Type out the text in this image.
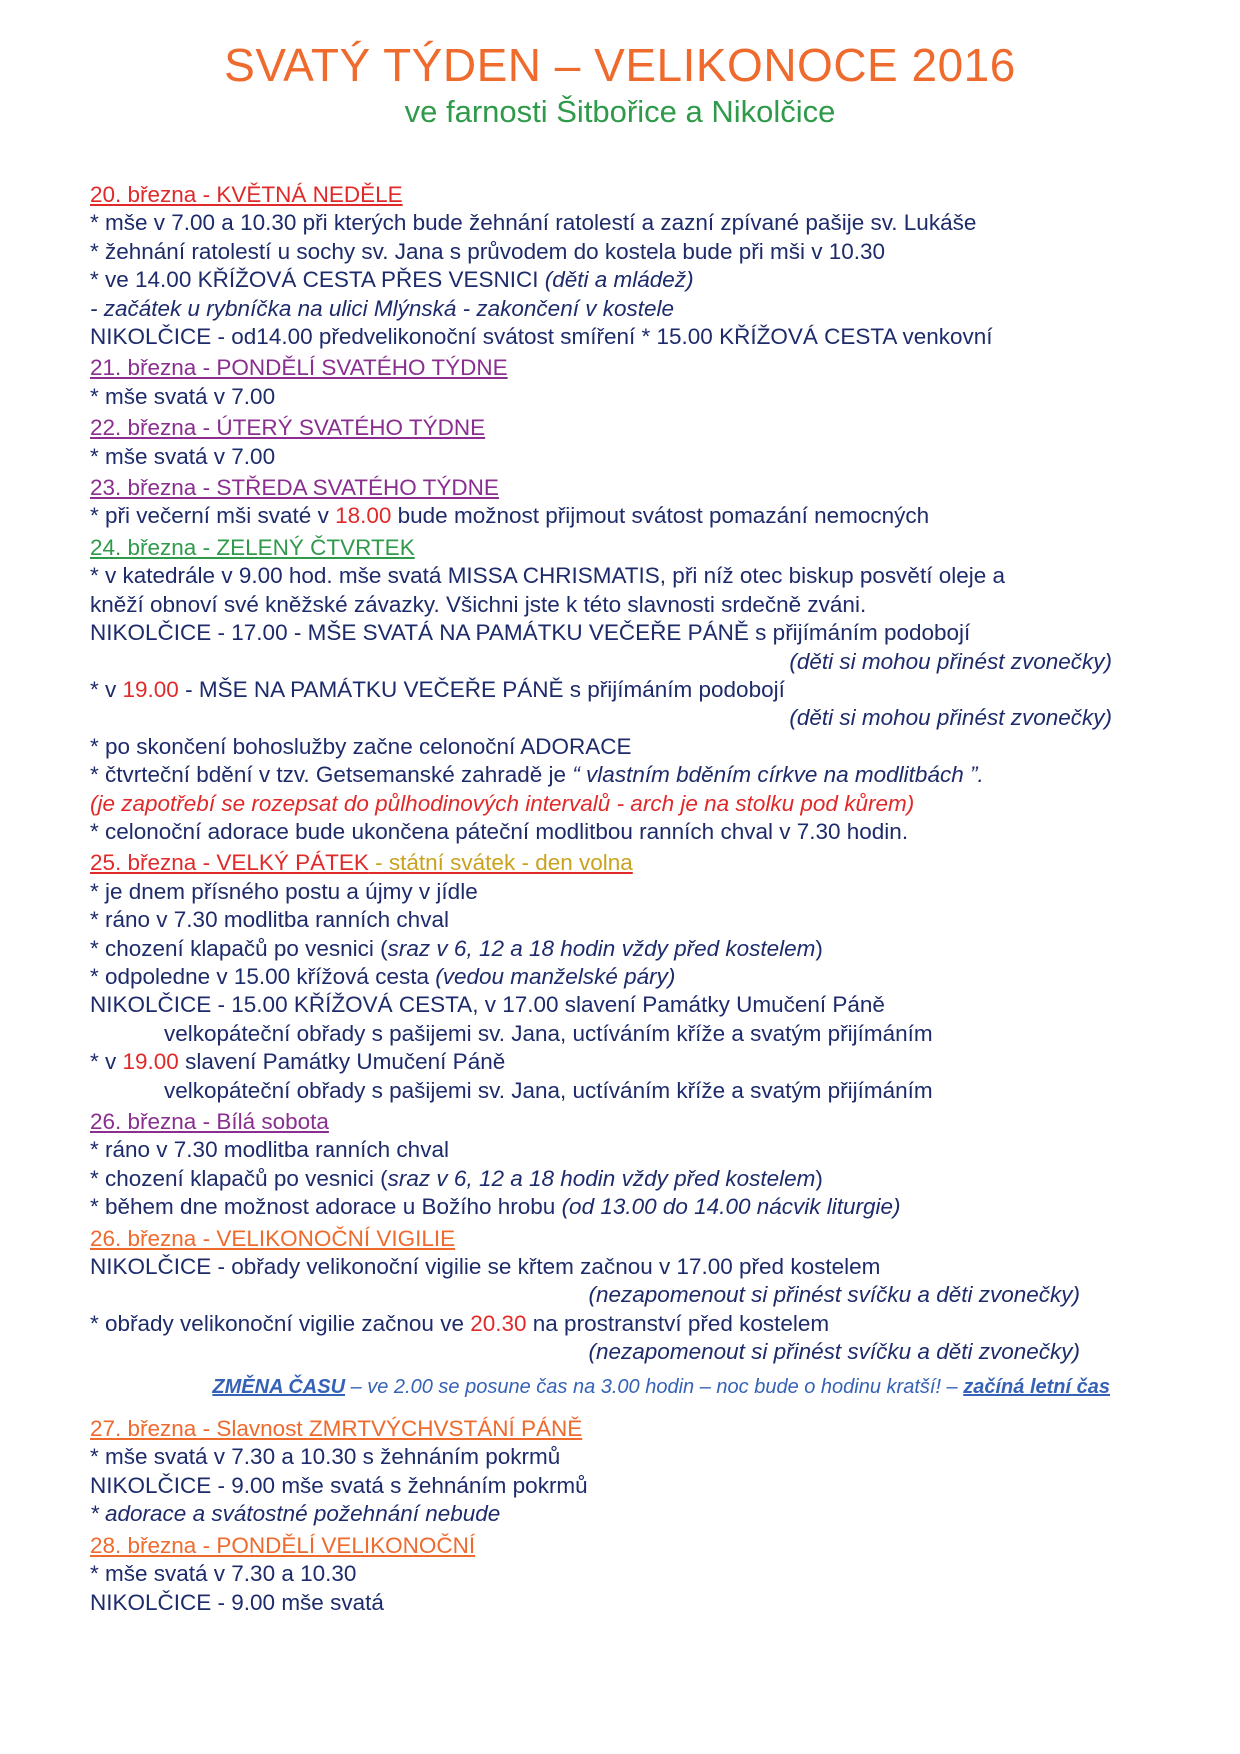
SVATÝ TÝDEN – VELIKONOCE 2016
ve farnosti Šitbořice a Nikolčice
20. března - KVĚTNÁ NEDĚLE
* mše v 7.00 a 10.30 při kterých bude žehnání ratolestí a zazní zpívané pašije sv. Lukáše
* žehnání ratolestí u sochy sv. Jana s průvodem do kostela bude při mši v 10.30
* ve 14.00 KŘÍŽOVÁ CESTA PŘES VESNICI (děti a mládež)
- začátek u rybníčka na ulici Mlýnská - zakončení v kostele
NIKOLČICE - od14.00 předvelikonoční svátost smíření * 15.00 KŘÍŽOVÁ CESTA venkovní
21. března - PONDĚLÍ SVATÉHO TÝDNE
* mše svatá v 7.00
22. března - ÚTERÝ SVATÉHO TÝDNE
* mše svatá v 7.00
23. března - STŘEDA SVATÉHO TÝDNE
* při večerní mši svaté v 18.00 bude možnost přijmout svátost pomazání nemocných
24. března - ZELENÝ ČTVRTEK
* v katedrále v 9.00 hod. mše svatá MISSA CHRISMATIS, při níž otec biskup posvětí oleje a
kněží obnoví své kněžské závazky. Všichni jste k této slavnosti srdečně zváni.
NIKOLČICE - 17.00 - MŠE SVATÁ NA PAMÁTKU VEČEŘE PÁNĚ s přijímáním podobojí
(děti si mohou přinést zvonečky)
* v 19.00 - MŠE NA PAMÁTKU VEČEŘE PÁNĚ s přijímáním podobojí
(děti si mohou přinést zvonečky)
* po skončení bohoslužby začne celonoční ADORACE
* čtvrteční bdění v tzv. Getsemanské zahradě je “ vlastním bděním církve na modlitbách ”.
(je zapotřebí se rozepsat do půlhodinových intervalů - arch je na stolku pod kůrem)
* celonoční adorace bude ukončena páteční modlitbou ranních chval v 7.30 hodin.
25. března - VELKÝ PÁTEK - státní svátek - den volna
* je dnem přísného postu a újmy v jídle
* ráno v 7.30 modlitba ranních chval
* chození klapačů po vesnici (sraz v 6, 12 a 18 hodin vždy před kostelem)
* odpoledne v 15.00 křížová cesta (vedou manželské páry)
NIKOLČICE - 15.00 KŘÍŽOVÁ CESTA, v 17.00 slavení Památky Umučení Páně
velkopáteční obřady s pašijemi sv. Jana, uctíváním kříže a svatým přijímáním
* v 19.00 slavení Památky Umučení Páně
velkopáteční obřady s pašijemi sv. Jana, uctíváním kříže a svatým přijímáním
26. března - Bílá sobota
* ráno v 7.30 modlitba ranních chval
* chození klapačů po vesnici (sraz v 6, 12 a 18 hodin vždy před kostelem)
* během dne možnost adorace u Božího hrobu (od 13.00 do 14.00 nácvik liturgie)
26. března - VELIKONOČNÍ VIGILIE
NIKOLČICE - obřady velikonoční vigilie se křtem začnou v 17.00 před kostelem
(nezapomenout si přinést svíčku a děti zvonečky)
* obřady velikonoční vigilie začnou ve 20.30 na prostranství před kostelem
(nezapomenout si přinést svíčku a děti zvonečky)
ZMĚNA ČASU – ve 2.00 se posune čas na 3.00 hodin – noc bude o hodinu kratší! – začíná letní čas
27. března - Slavnost ZMRTVÝCHVSTÁNÍ PÁNĚ
* mše svatá v 7.30 a 10.30 s žehnáním pokrmů
NIKOLČICE - 9.00 mše svatá s žehnáním pokrmů
* adorace a svátostné požehnání nebude
28. března - PONDĚLÍ VELIKONOČNÍ
* mše svatá v 7.30 a 10.30
NIKOLČICE - 9.00 mše svatá
